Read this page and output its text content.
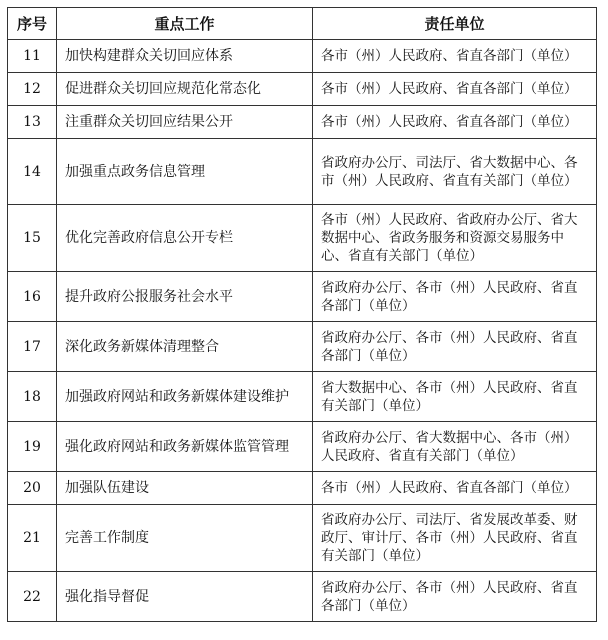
序号	重点工作	责任单位
11	加快构建群众关切回应体系	各市（州）人民政府、省直各部门（单位）
12	促进群众关切回应规范化常态化	各市（州）人民政府、省直各部门（单位）
13	注重群众关切回应结果公开	各市（州）人民政府、省直各部门（单位）
14	加强重点政务信息管理	省政府办公厅、司法厅、省大数据中心、各市（州）人民政府、省直有关部门（单位）
15	优化完善政府信息公开专栏	各市（州）人民政府、省政府办公厅、省大数据中心、省政务服务和资源交易服务中心、省直有关部门（单位）
16	提升政府公报服务社会水平	省政府办公厅、各市（州）人民政府、省直各部门（单位）
17	深化政务新媒体清理整合	省政府办公厅、各市（州）人民政府、省直各部门（单位）
18	加强政府网站和政务新媒体建设维护	省大数据中心、各市（州）人民政府、省直有关部门（单位）
19	强化政府网站和政务新媒体监管管理	省政府办公厅、省大数据中心、各市（州）人民政府、省直有关部门（单位）
20	加强队伍建设	各市（州）人民政府、省直各部门（单位）
21	完善工作制度	省政府办公厅、司法厅、省发展改革委、财政厅、审计厅、各市（州）人民政府、省直有关部门（单位）
22	强化指导督促	省政府办公厅、各市（州）人民政府、省直各部门（单位）
